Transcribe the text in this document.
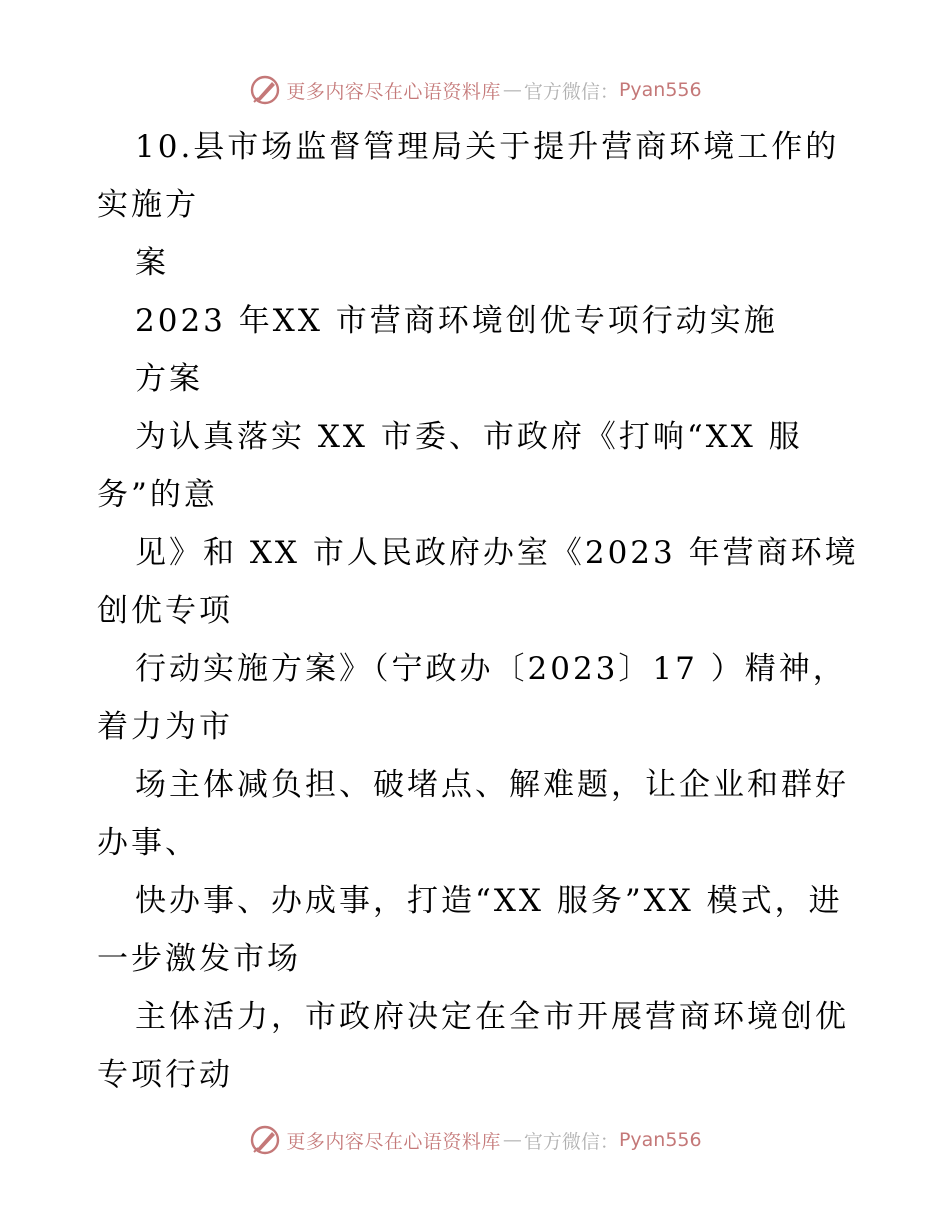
更多内容尽在心语资料库 — 官方微信： Pyan556
10.县市场监督管理局关于提升营商环境工作的
实施方
案
2023 年XX 市营商环境创优专项行动实施
方案
为认真落实 XX 市委、市政府《打响“XX 服
务”的意
见》和 XX 市人民政府办室《2023 年营商环境
创优专项
行动实施方案》（宁政办〔2023〕17 ）精神，
着力为市
场主体减负担、破堵点、解难题，让企业和群好
办事、
快办事、办成事，打造“XX 服务”XX 模式，进
一步激发市场
主体活力，市政府决定在全市开展营商环境创优
专项行动
更多内容尽在心语资料库 — 官方微信： Pyan556
